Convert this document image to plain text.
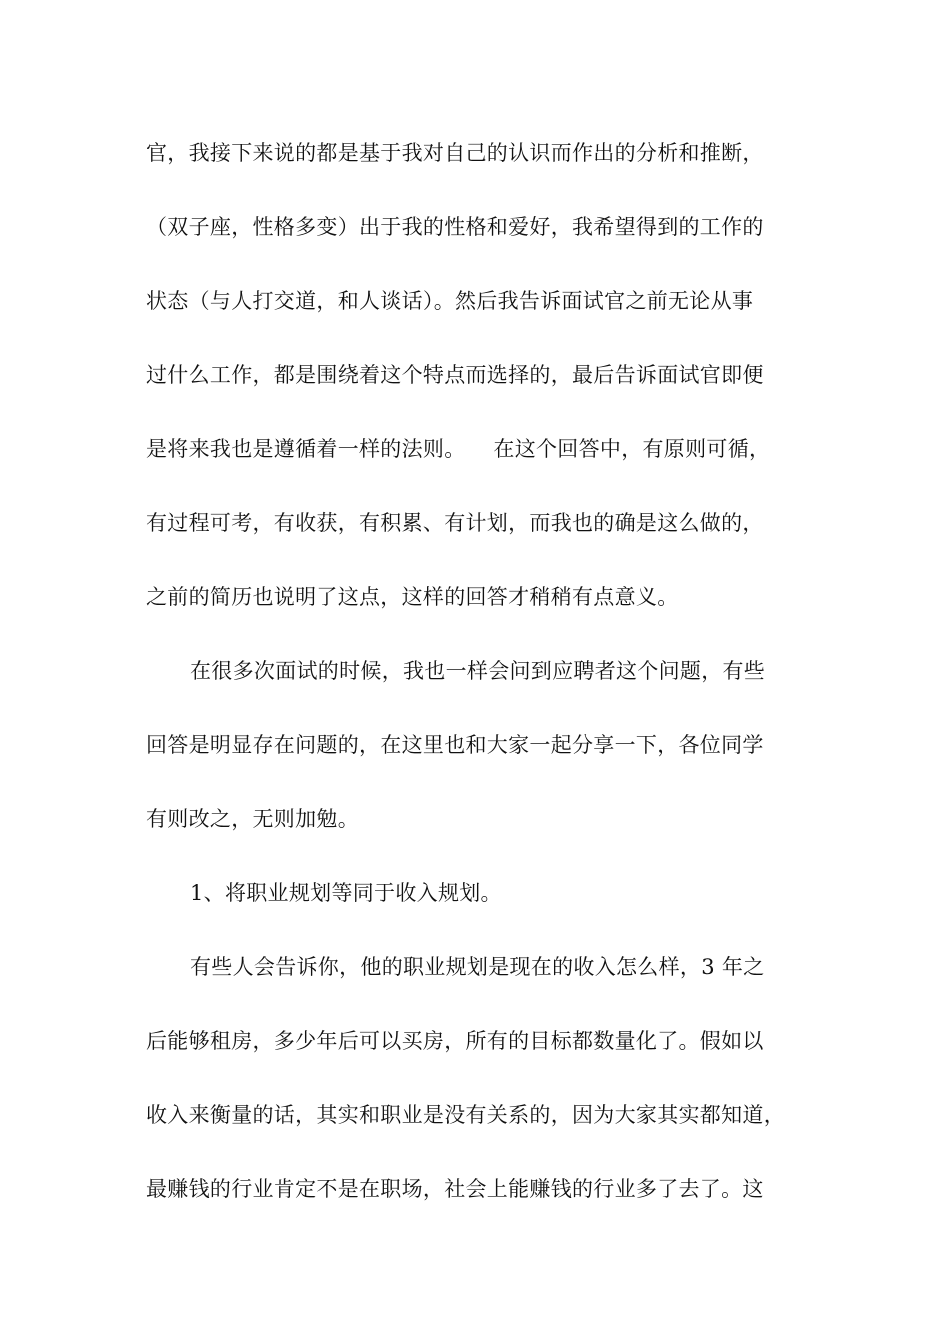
官，我接下来说的都是基于我对自己的认识而作出的分析和推断，
（双子座，性格多变）出于我的性格和爱好，我希望得到的工作的
状态（与人打交道，和人谈话）。然后我告诉面试官之前无论从事
过什么工作，都是围绕着这个特点而选择的，最后告诉面试官即便
是将来我也是遵循着一样的法则。    在这个回答中，有原则可循，
有过程可考，有收获，有积累、有计划，而我也的确是这么做的，
之前的简历也说明了这点，这样的回答才稍稍有点意义。
在很多次面试的时候，我也一样会问到应聘者这个问题，有些
回答是明显存在问题的，在这里也和大家一起分享一下，各位同学
有则改之，无则加勉。
1、将职业规划等同于收入规划。
有些人会告诉你，他的职业规划是现在的收入怎么样，3 年之
后能够租房，多少年后可以买房，所有的目标都数量化了。假如以
收入来衡量的话，其实和职业是没有关系的，因为大家其实都知道，
最赚钱的行业肯定不是在职场，社会上能赚钱的行业多了去了。这
